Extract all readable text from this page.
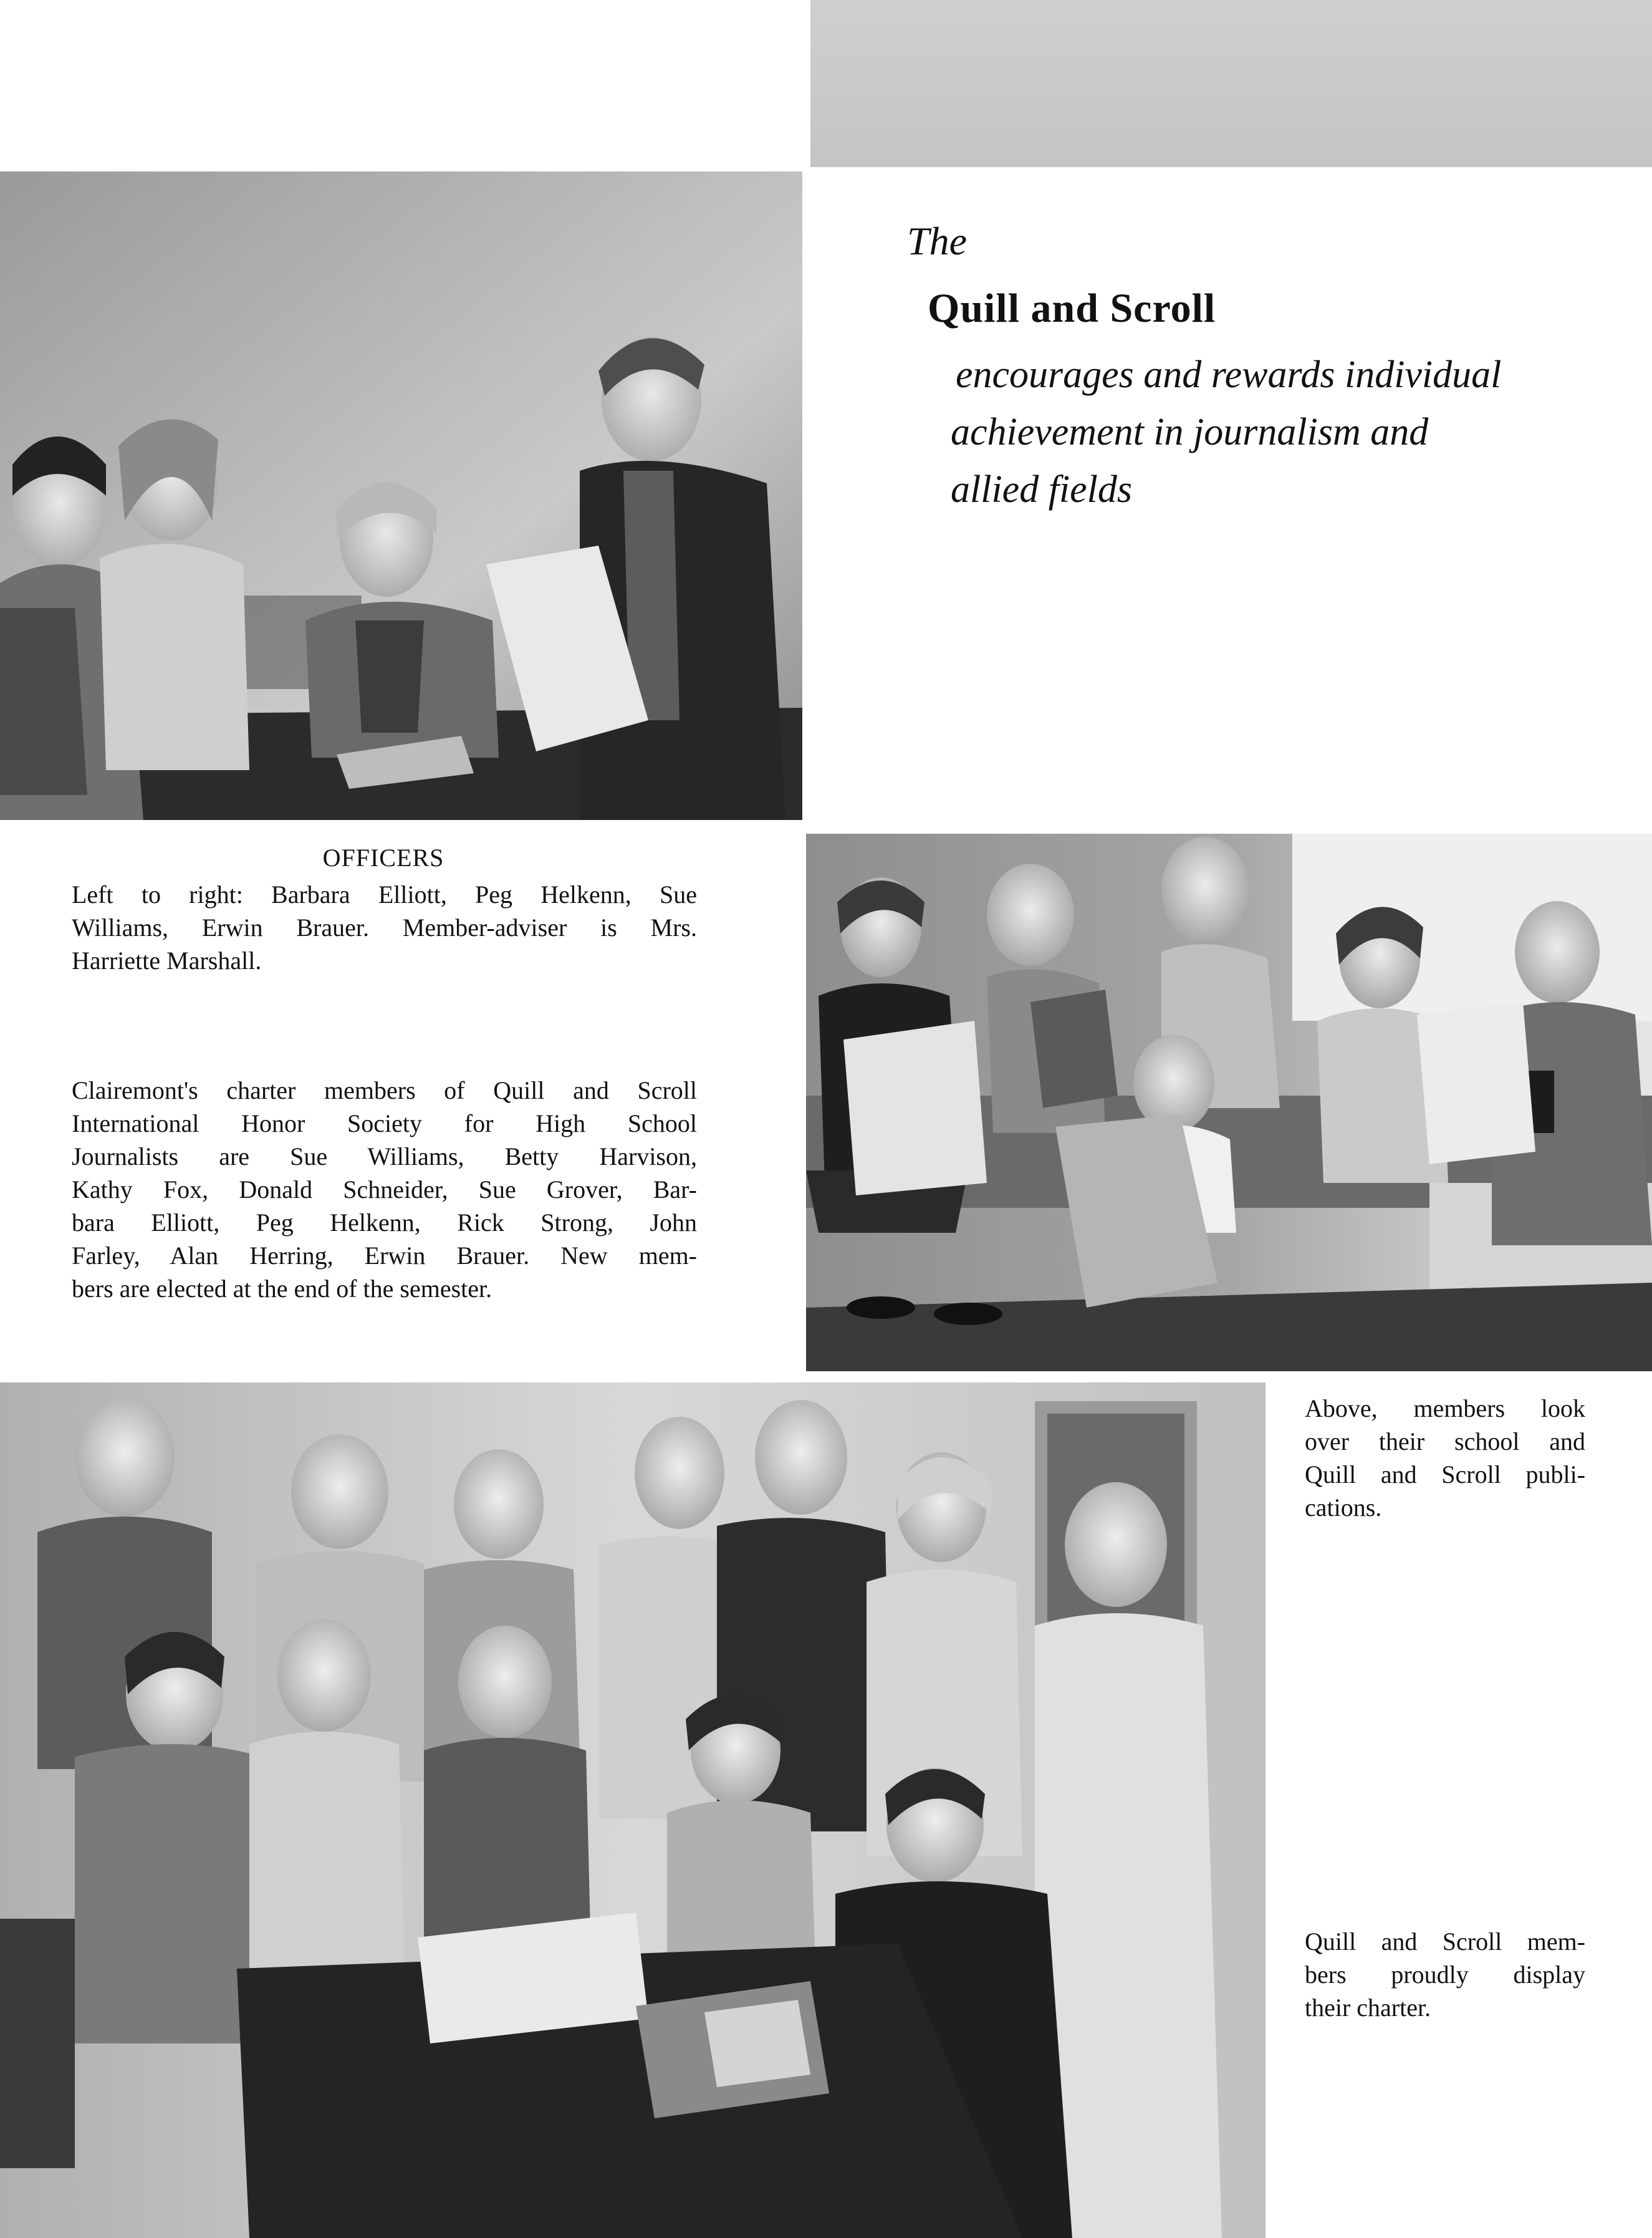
The
Quill and Scroll
encourages and rewards individual
achievement in journalism and
allied fields
OFFICERS
Left to right: Barbara Elliott, Peg Helkenn, Sue
Williams, Erwin Brauer. Member-adviser is Mrs.
Harriette Marshall.
Clairemont's charter members of Quill and Scroll
International Honor Society for High School
Journalists are Sue Williams, Betty Harvison,
Kathy Fox, Donald Schneider, Sue Grover, Bar-
bara Elliott, Peg Helkenn, Rick Strong, John
Farley, Alan Herring, Erwin Brauer. New mem-
bers are elected at the end of the semester.
Above, members look
over their school and
Quill and Scroll publi-
cations.
Quill and Scroll mem-
bers proudly display
their charter.
